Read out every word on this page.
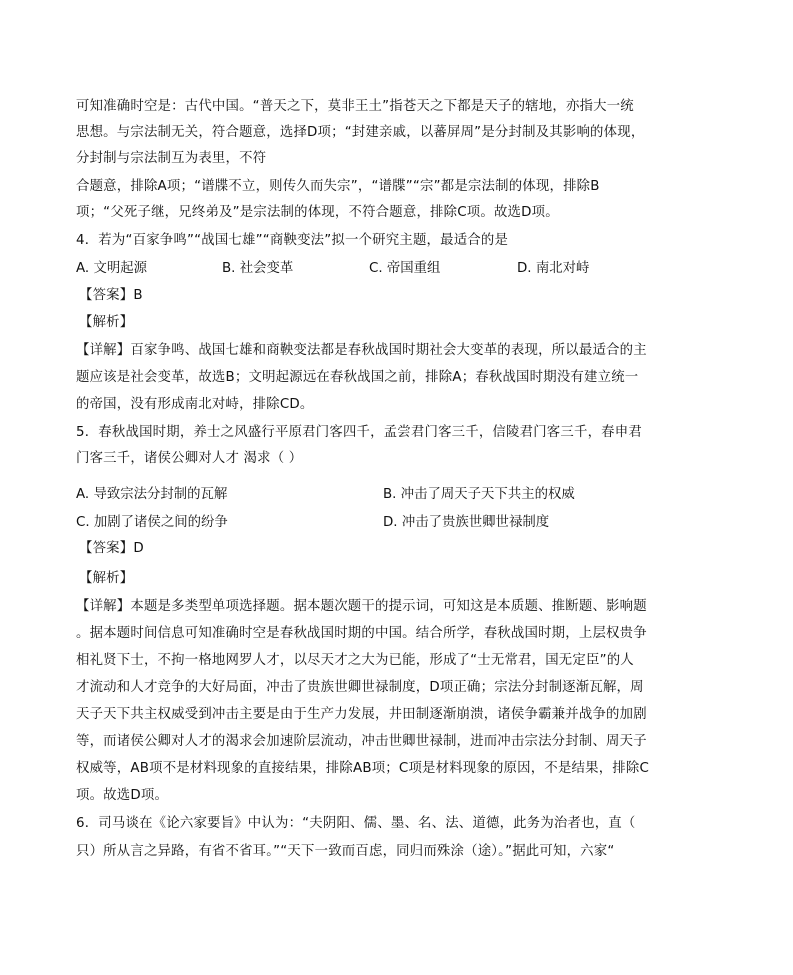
可知准确时空是：古代中国。“普天之下，莫非王土”指苍天之下都是天子的辖地，亦指大一统
思想。与宗法制无关，符合题意，选择D项；“封建亲戚，以蕃屏周”是分封制及其影响的体现，
分封制与宗法制互为表里，不符
合题意，排除A项；“谱牒不立，则传久而失宗”，“谱牒”“宗”都是宗法制的体现，排除B
项；“父死子继，兄终弟及”是宗法制的体现，不符合题意，排除C项。故选D项。
4．若为“百家争鸣”“战国七雄”“商鞅变法”拟一个研究主题，最适合的是
A. 文明起源	B. 社会变革	C. 帝国重组	D. 南北对峙
【答案】B
【解析】
【详解】百家争鸣、战国七雄和商鞅变法都是春秋战国时期社会大变革的表现，所以最适合的主
题应该是社会变革，故选B；文明起源远在春秋战国之前，排除A；春秋战国时期没有建立统一
的帝国，没有形成南北对峙，排除CD。
5．春秋战国时期，养士之风盛行平原君门客四千，孟尝君门客三千，信陵君门客三千，春申君
门客三千，诸侯公卿对人才 渴求（ ）
A. 导致宗法分封制的瓦解	B. 冲击了周天子天下共主的权威
C. 加剧了诸侯之间的纷争	D. 冲击了贵族世卿世禄制度
【答案】D
【解析】
【详解】本题是多类型单项选择题。据本题次题干的提示词，可知这是本质题、推断题、影响题
。据本题时间信息可知准确时空是春秋战国时期的中国。结合所学，春秋战国时期，上层权贵争
相礼贤下士，不拘一格地网罗人才，以尽天才之大为已能，形成了“士无常君，国无定臣”的人
才流动和人才竞争的大好局面，冲击了贵族世卿世禄制度，D项正确；宗法分封制逐渐瓦解，周
天子天下共主权威受到冲击主要是由于生产力发展，井田制逐渐崩溃，诸侯争霸兼并战争的加剧
等，而诸侯公卿对人才的渴求会加速阶层流动，冲击世卿世禄制，进而冲击宗法分封制、周天子
权威等，AB项不是材料现象的直接结果，排除AB项；C项是材料现象的原因，不是结果，排除C
项。故选D项。
6．司马谈在《论六家要旨》中认为：“夫阴阳、儒、墨、名、法、道德，此务为治者也，直（
只）所从言之异路，有省不省耳。”“天下一致而百虑，同归而殊涂（途）。”据此可知，六家“
